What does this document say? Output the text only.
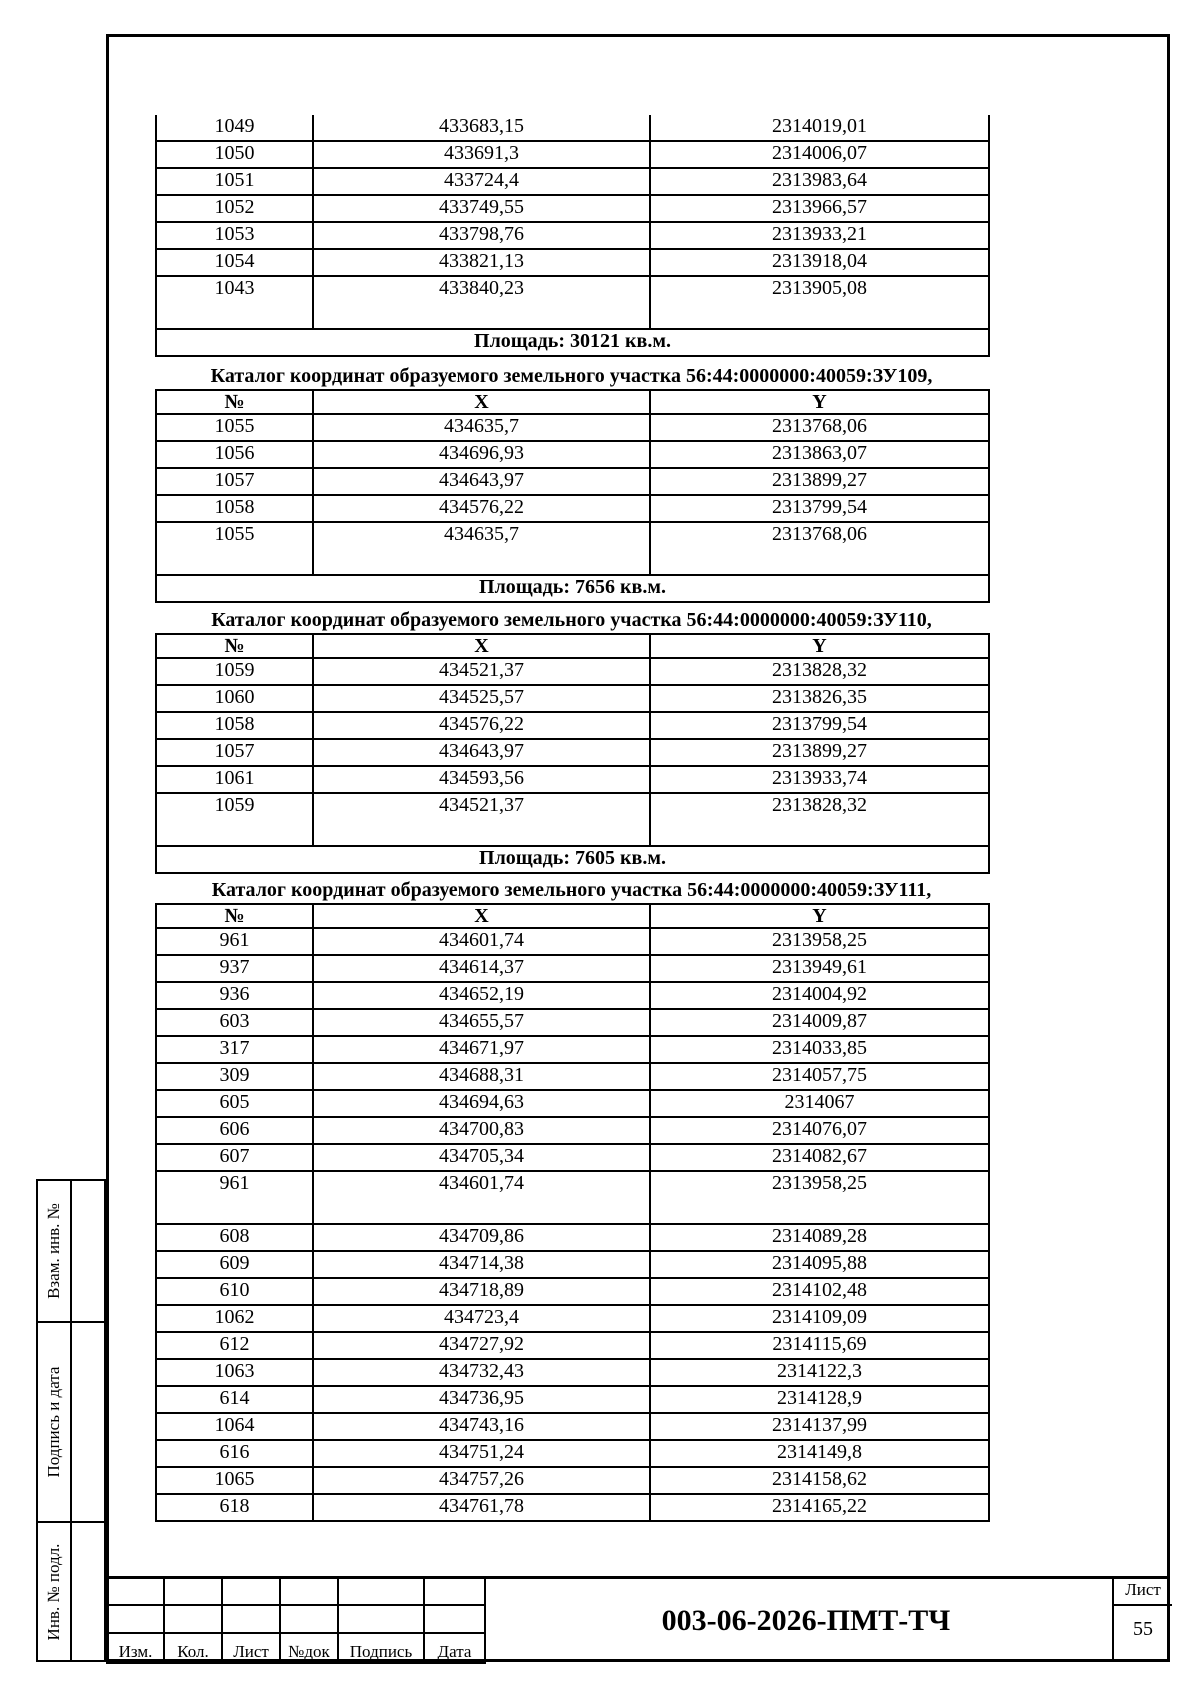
Взам. инв. №
Подпись и дата
Инв. № подл.
1049	433683,15	2314019,01
1050	433691,3	2314006,07
1051	433724,4	2313983,64
1052	433749,55	2313966,57
1053	433798,76	2313933,21
1054	433821,13	2313918,04
1043	433840,23	2313905,08
Площадь: 30121 кв.м.		
Каталог координат образуемого земельного участка 56:44:0000000:40059:ЗУ109,
№	X	Y
1055	434635,7	2313768,06
1056	434696,93	2313863,07
1057	434643,97	2313899,27
1058	434576,22	2313799,54
1055	434635,7	2313768,06
Площадь: 7656 кв.м.		
Каталог координат образуемого земельного участка 56:44:0000000:40059:ЗУ110,
№	X	Y
1059	434521,37	2313828,32
1060	434525,57	2313826,35
1058	434576,22	2313799,54
1057	434643,97	2313899,27
1061	434593,56	2313933,74
1059	434521,37	2313828,32
Площадь: 7605 кв.м.		
Каталог координат образуемого земельного участка 56:44:0000000:40059:ЗУ111,
№	X	Y
961	434601,74	2313958,25
937	434614,37	2313949,61
936	434652,19	2314004,92
603	434655,57	2314009,87
317	434671,97	2314033,85
309	434688,31	2314057,75
605	434694,63	2314067
606	434700,83	2314076,07
607	434705,34	2314082,67
961	434601,74	2313958,25
608	434709,86	2314089,28
609	434714,38	2314095,88
610	434718,89	2314102,48
1062	434723,4	2314109,09
612	434727,92	2314115,69
1063	434732,43	2314122,3
614	434736,95	2314128,9
1064	434743,16	2314137,99
616	434751,24	2314149,8
1065	434757,26	2314158,62
618	434761,78	2314165,22

Изм.	Кол.	Лист	№док	Подпись	Дата
003-06-2026-ПМТ-ТЧ
Лист
55
